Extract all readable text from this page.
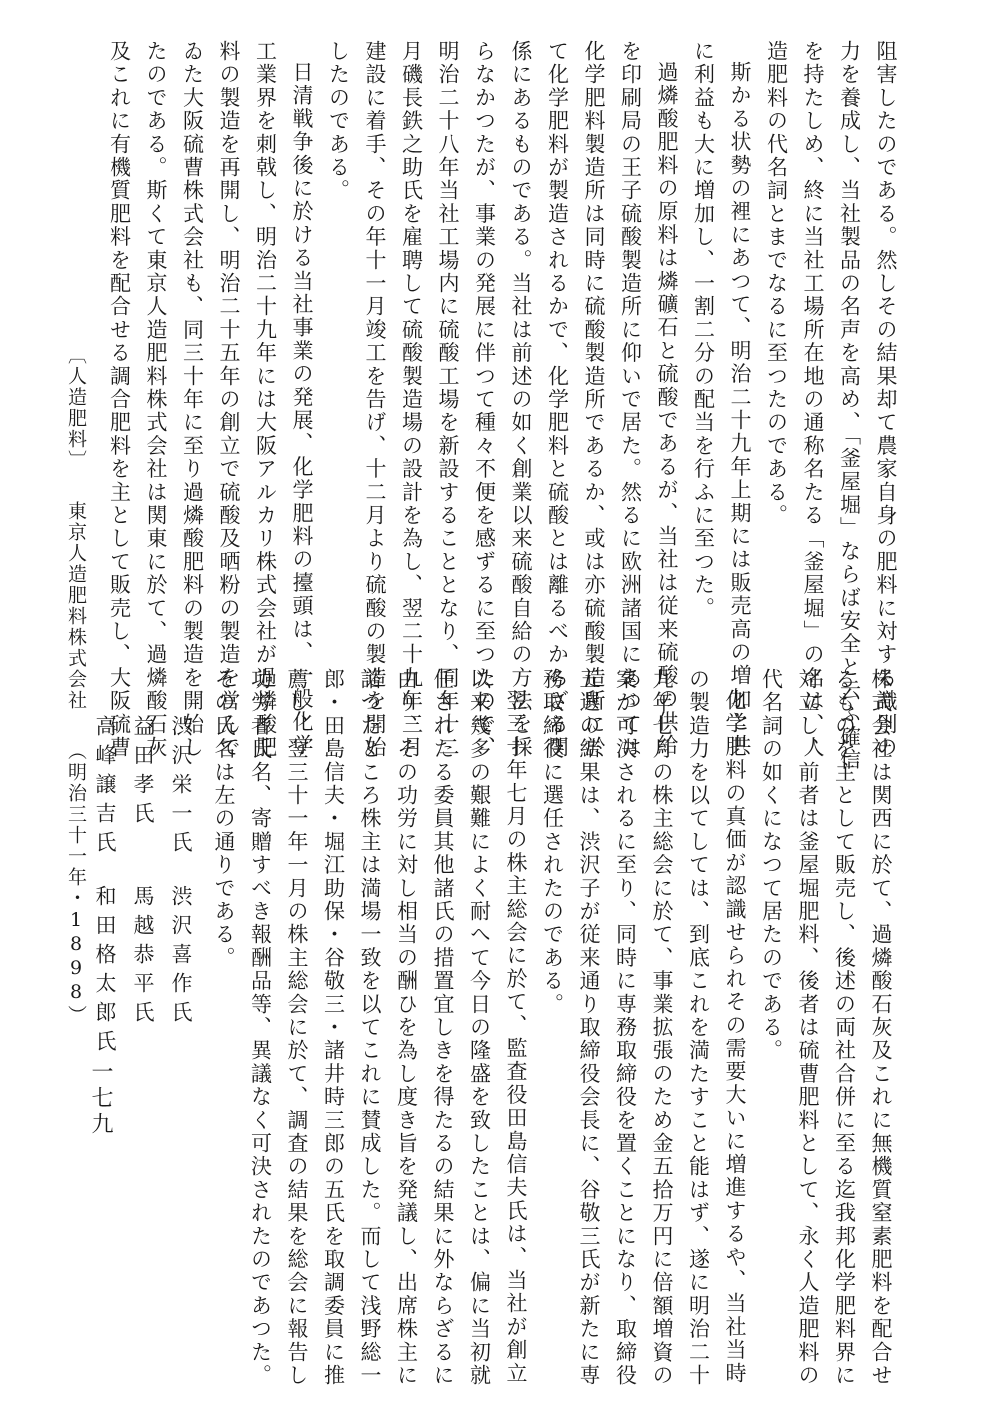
阻害したのである。然しその結果却て農家自身の肥料に対する識別の

力を養成し、当社製品の名声を高め、「釜屋堀」ならば安全と云ふ確信

を持たしめ、終に当社工場所在地の通称名たる「釜屋堀」の名は、人

造肥料の代名詞とまでなるに至つたのである。

斯かる状勢の裡にあつて、明治二十九年上期には販売高の増加と共

に利益も大に増加し、一割二分の配当を行ふに至つた。

過燐酸肥料の原料は燐礦石と硫酸であるが、当社は従来硫酸の供給

を印刷局の王子硫酸製造所に仰いで居た。然るに欧洲諸国にあつては

化学肥料製造所は同時に硫酸製造所であるか、或は亦硫酸製造所に於

て化学肥料が製造されるかで、化学肥料と硫酸とは離るべからざる関

係にあるものである。当社は前述の如く創業以来硫酸自給の方法を採

らなかつたが、事業の発展に伴つて種々不便を感ずるに至つたので、

明治二十八年当社工場内に硫酸工場を新設することとなり、同年十二

月磯長鉄之助氏を雇聘して硫酸製造場の設計を為し、翌二十九年三月

建設に着手、その年十一月竣工を告げ、十二月より硫酸の製造を開始

したのである。

日清戦争後に於ける当社事業の発展、化学肥料の擡頭は、一般化学

工業界を刺戟し、明治二十九年には大阪アルカリ株式会社が過燐酸肥

料の製造を再開し、明治二十五年の創立で硫酸及晒粉の製造を営んで

ゐた大阪硫曹株式会社も、同三十年に至り過燐酸肥料の製造を開始し

たのである。斯くて東京人造肥料株式会社は関東に於て、過燐酸石灰

及これに有機質肥料を配合せる調合肥料を主として販売し、大阪硫曹

株式会社は関西に於て、過燐酸石灰及これに無機質窒素肥料を配合せ

るものを主として販売し、後述の両社合併に至る迄我邦化学肥料界に

対立し、前者は釜屋堀肥料、後者は硫曹肥料として、永く人造肥料の

代名詞の如くになつて居たのである。

化学肥料の真価が認識せられその需要大いに増進するや、当社当時

の製造力を以てしては、到底これを満たすこと能はず、遂に明治二十

九年七月の株主総会に於て、事業拡張のため金五拾万円に倍額増資の

案が可決されるに至り、同時に専務取締役を置くことになり、取締役

五選の結果は、渋沢子が従来通り取締役会長に、谷敬三氏が新たに専

務取締役に選任されたのである。

翌三十年七月の株主総会に於て、監査役田島信夫氏は、当社が創立

以来幾多の艱難によく耐へて今日の隆盛を致したことは、偏に当初就

任されたる委員其他諸氏の措置宜しきを得たるの結果に外ならざるに

由り、その功労に対し相当の酬ひを為し度き旨を発議し、出席株主に

諮つたところ株主は満場一致を以てこれに賛成した。而して浅野総一

郎・田島信夫・堀江助保・谷敬三・諸井時三郎の五氏を取調委員に推

薦し、翌三十一年一月の株主総会に於て、調査の結果を総会に報告し

功労者氏名、寄贈すべき報酬品等、異議なく可決されたのであつた。

その氏名は左の通りである。

渋沢栄一氏

益田孝氏

高峰譲吉氏

渋沢喜作氏

馬越恭平氏

和田格太郎氏

〔人造肥料〕東京人造肥料株式会社（明治三十一年・1898）
一七九
